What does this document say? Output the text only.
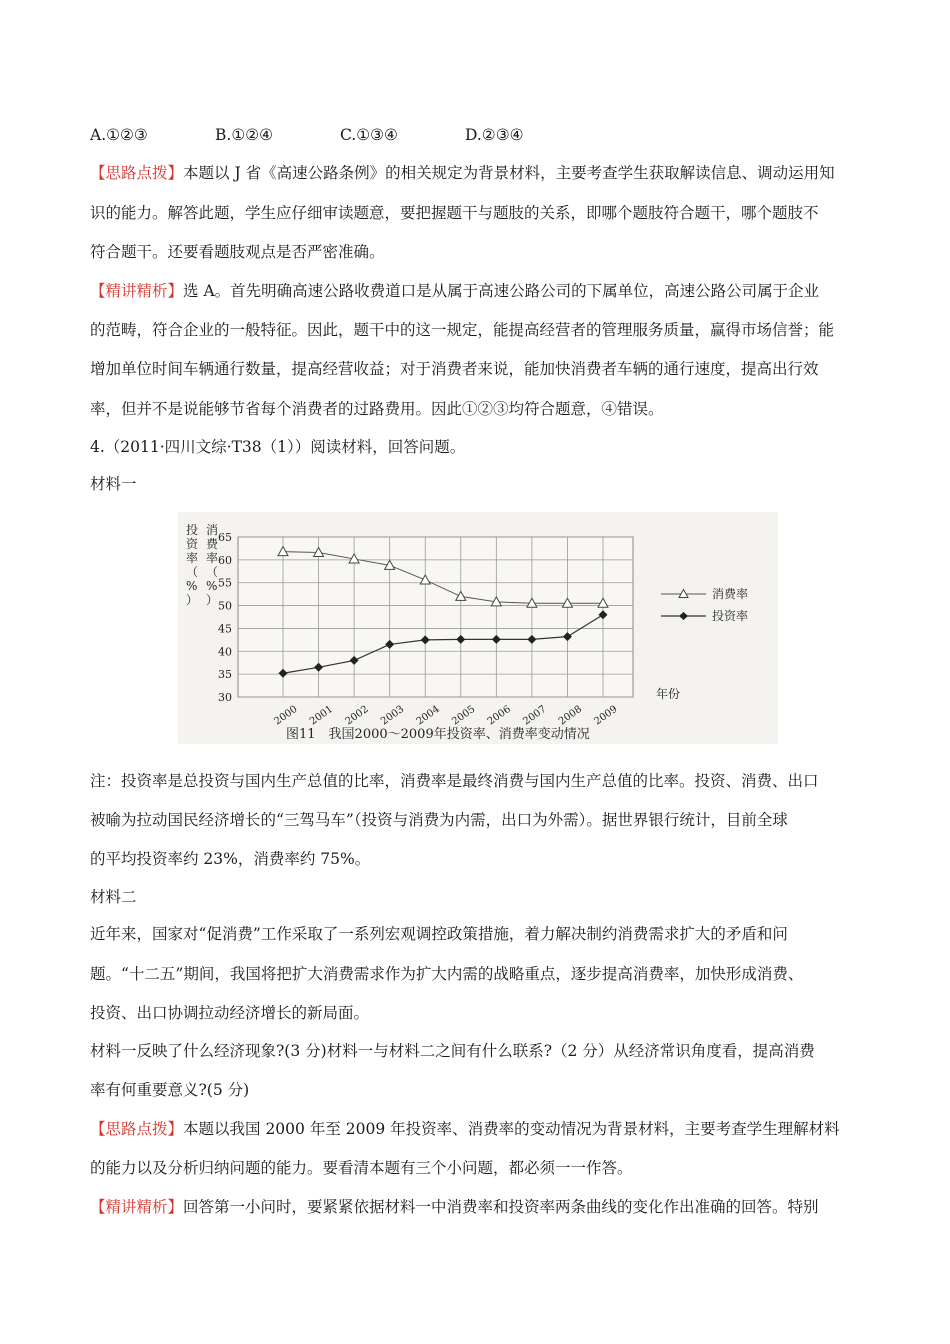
A.①②③	B.①②④	C.①③④	D.②③④
【思路点拨】本题以 J 省《高速公路条例》的相关规定为背景材料，主要考查学生获取解读信息、调动运用知
识的能力。解答此题，学生应仔细审读题意，要把握题干与题肢的关系，即哪个题肢符合题干，哪个题肢不
符合题干。还要看题肢观点是否严密准确。
【精讲精析】选 A。首先明确高速公路收费道口是从属于高速公路公司的下属单位，高速公路公司属于企业
的范畴，符合企业的一般特征。因此，题干中的这一规定，能提高经营者的管理服务质量，赢得市场信誉；能
增加单位时间车辆通行数量，提高经营收益；对于消费者来说，能加快消费者车辆的通行速度，提高出行效
率，但并不是说能够节省每个消费者的过路费用。因此①②③均符合题意，④错误。
4.（2011·四川文综·T38（1））阅读材料，回答问题。
材料一
65
60
55
50
45
40
35
30
2000 2001 2002 2003 2004 2005 2006 2007 2008 2009
投资率（%）
消费率（%）
年份
消费率
投资率
图11　我国2000～2009年投资率、消费率变动情况
注：投资率是总投资与国内生产总值的比率，消费率是最终消费与国内生产总值的比率。投资、消费、出口
被喻为拉动国民经济增长的“三驾马车”（投资与消费为内需，出口为外需）。据世界银行统计，目前全球
的平均投资率约 23%，消费率约 75%。
材料二
近年来，国家对“促消费”工作采取了一系列宏观调控政策措施，着力解决制约消费需求扩大的矛盾和问
题。“十二五”期间，我国将把扩大消费需求作为扩大内需的战略重点，逐步提高消费率，加快形成消费、
投资、出口协调拉动经济增长的新局面。
材料一反映了什么经济现象?(3 分)材料一与材料二之间有什么联系?（2 分）从经济常识角度看，提高消费
率有何重要意义?(5 分)
【思路点拨】本题以我国 2000 年至 2009 年投资率、消费率的变动情况为背景材料，主要考查学生理解材料
的能力以及分析归纳问题的能力。要看清本题有三个小问题，都必须一一作答。
【精讲精析】回答第一小问时，要紧紧依据材料一中消费率和投资率两条曲线的变化作出准确的回答。特别
